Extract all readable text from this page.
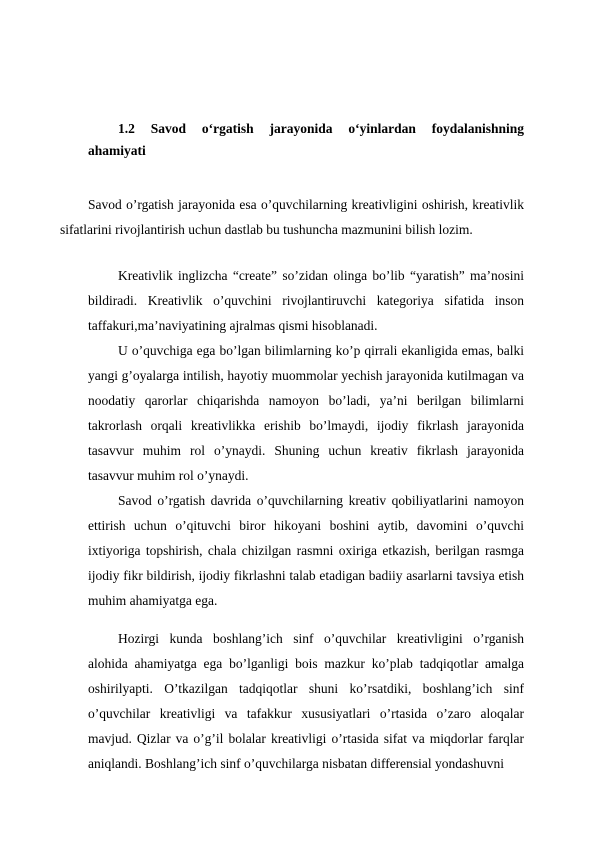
1.2 Savod o‘rgatish jarayonida o‘yinlardan foydalanishning
ahamiyati

Savod o’rgatish jarayonida esa o’quvchilarning kreativligini oshirish, kreativlik sifatlarini rivojlantirish uchun dastlab bu tushuncha mazmunini bilish lozim.

Kreativlik inglizcha “create” so’zidan olinga bo’lib “yaratish” ma’nosini bildiradi. Kreativlik o’quvchini rivojlantiruvchi kategoriya sifatida inson taffakuri,ma’naviyatining ajralmas qismi hisoblanadi.

U o’quvchiga ega bo’lgan bilimlarning ko’p qirrali ekanligida emas, balki yangi g’oyalarga intilish, hayotiy muommolar yechish jarayonida kutilmagan va noodatiy qarorlar chiqarishda namoyon bo’ladi, ya’ni berilgan bilimlarni takrorlash orqali kreativlikka erishib bo’lmaydi, ijodiy fikrlash jarayonida tasavvur muhim rol o’ynaydi. Shuning uchun kreativ fikrlash jarayonida tasavvur muhim rol o’ynaydi.

Savod o’rgatish davrida o’quvchilarning kreativ qobiliyatlarini namoyon ettirish uchun o’qituvchi biror hikoyani boshini aytib, davomini o’quvchi ixtiyoriga topshirish, chala chizilgan rasmni oxiriga etkazish, berilgan rasmga ijodiy fikr bildirish, ijodiy fikrlashni talab etadigan badiiy asarlarni tavsiya etish muhim ahamiyatga ega.

Hozirgi kunda boshlang’ich sinf o’quvchilar kreativligini o’rganish alohida ahamiyatga ega bo’lganligi bois mazkur ko’plab tadqiqotlar amalga oshirilyapti. O’tkazilgan tadqiqotlar shuni ko’rsatdiki, boshlang’ich sinf o’quvchilar kreativligi va tafakkur xususiyatlari o’rtasida o’zaro aloqalar mavjud. Qizlar va o’g’il bolalar kreativligi o’rtasida sifat va miqdorlar farqlar aniqlandi. Boshlang’ich sinf o’quvchilarga nisbatan differensial yondashuvni
